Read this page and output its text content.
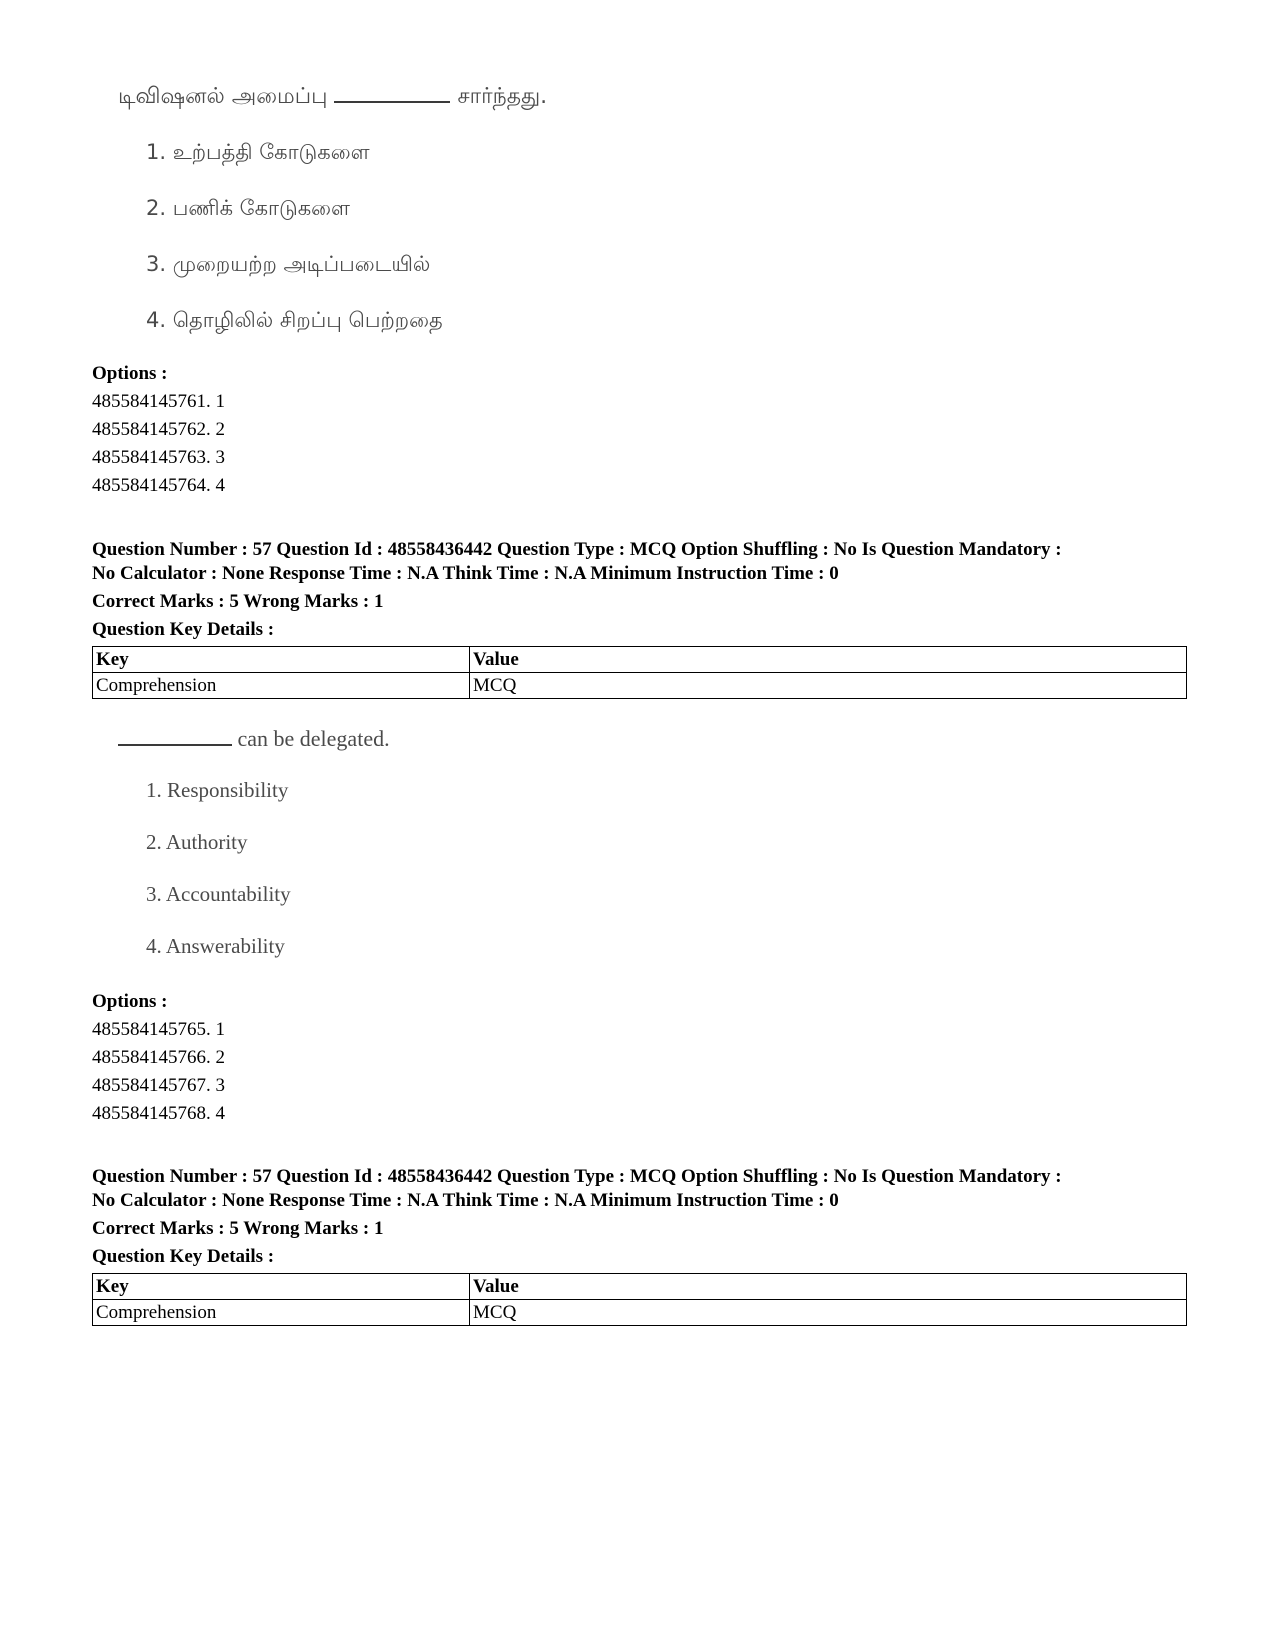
டிவிஷனல் அமைப்பு	சார்ந்தது.
1. உற்பத்தி கோடுகளை
2. பணிக் கோடுகளை
3. முறையற்ற அடிப்படையில்
4. தொழிலில் சிறப்பு பெற்றதை
Options :
485584145761. 1
485584145762. 2
485584145763. 3
485584145764. 4
Question Number : 57 Question Id : 48558436442 Question Type : MCQ Option Shuffling : No Is Question Mandatory :
No Calculator : None Response Time : N.A Think Time : N.A Minimum Instruction Time : 0
Correct Marks : 5 Wrong Marks : 1
Question Key Details :
Key	Value
Comprehension	MCQ
can be delegated.
1. Responsibility
2. Authority
3. Accountability
4. Answerability
Options :
485584145765. 1
485584145766. 2
485584145767. 3
485584145768. 4
Question Number : 57 Question Id : 48558436442 Question Type : MCQ Option Shuffling : No Is Question Mandatory :
No Calculator : None Response Time : N.A Think Time : N.A Minimum Instruction Time : 0
Correct Marks : 5 Wrong Marks : 1
Question Key Details :
Key	Value
Comprehension	MCQ
